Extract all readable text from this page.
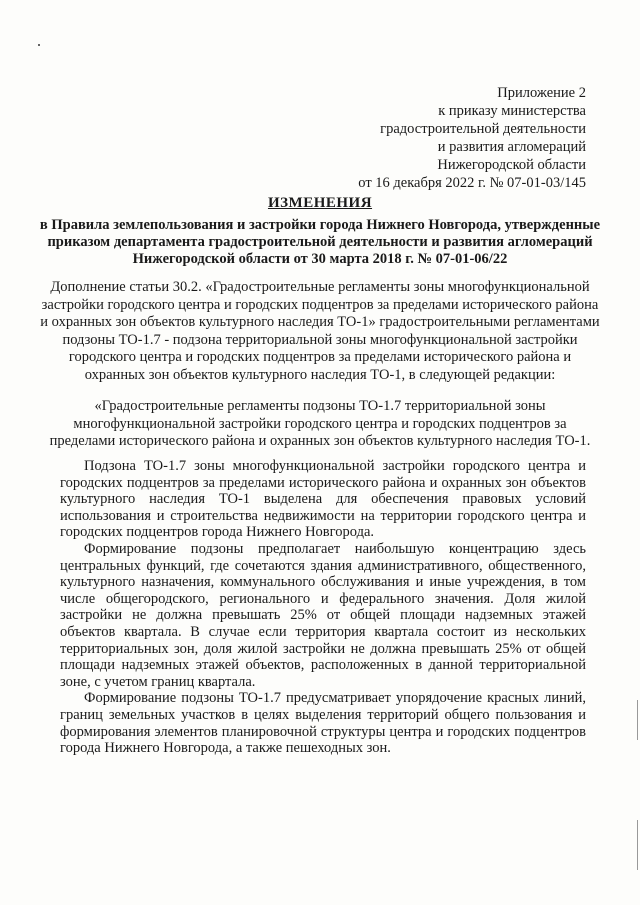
Приложение 2
к приказу министерства
градостроительной деятельности
и развития агломераций
Нижегородской области
от 16 декабря 2022 г. № 07-01-03/145
ИЗМЕНЕНИЯ
в Правила землепользования и застройки города Нижнего Новгорода, утвержденные
приказом департамента градостроительной деятельности и развития агломераций
Нижегородской области от 30 марта 2018 г. № 07-01-06/22
Дополнение статьи 30.2. «Градостроительные регламенты зоны многофункциональной
застройки городского центра и городских подцентров за пределами исторического района
и охранных зон объектов культурного наследия ТО-1» градостроительными регламентами
подзоны ТО-1.7 - подзона территориальной зоны многофункциональной застройки
городского центра и городских подцентров за пределами исторического района и
охранных зон объектов культурного наследия ТО-1, в следующей редакции:
«Градостроительные регламенты подзоны ТО-1.7 территориальной зоны
многофункциональной застройки городского центра и городских подцентров за
пределами исторического района и охранных зон объектов культурного наследия ТО-1.

Подзона ТО-1.7 зоны многофункциональной застройки городского центра и городских подцентров за пределами исторического района и охранных зон объектов культурного наследия ТО-1 выделена для обеспечения правовых условий использования и строительства недвижимости на территории городского центра и городских подцентров города Нижнего Новгорода.

Формирование подзоны предполагает наибольшую концентрацию здесь центральных функций, где сочетаются здания административного, общественного, культурного назначения, коммунального обслуживания и иные учреждения, в том числе общегородского, регионального и федерального значения. Доля жилой застройки не должна превышать 25% от общей площади надземных этажей объектов квартала. В случае если территория квартала состоит из нескольких территориальных зон, доля жилой застройки не должна превышать 25% от общей площади надземных этажей объектов, расположенных в данной территориальной зоне, с учетом границ квартала.

Формирование подзоны ТО-1.7 предусматривает упорядочение красных линий, границ земельных участков в целях выделения территорий общего пользования и формирования элементов планировочной структуры центра и городских подцентров города Нижнего Новгорода, а также пешеходных зон.
